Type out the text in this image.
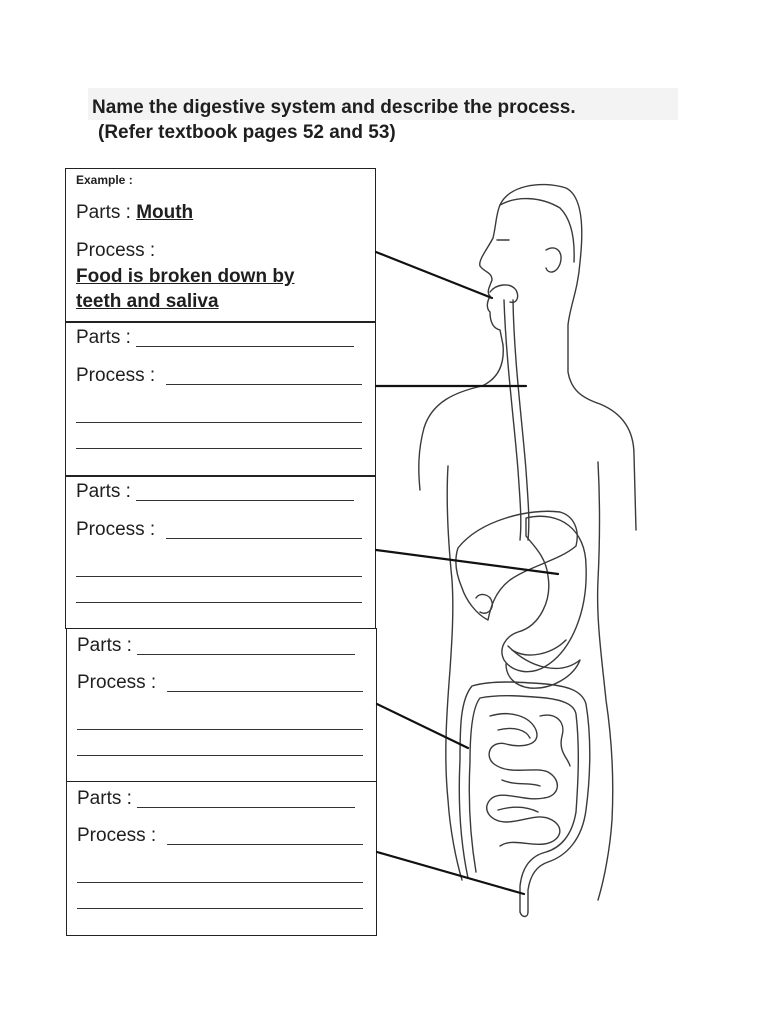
Name the digestive system and describe the process.
(Refer textbook pages 52 and 53)
Example :
Parts : Mouth
Process :
Food is broken down by
teeth and saliva
Parts :
Process :
Parts :
Process :
Parts :
Process :
Parts :
Process :
